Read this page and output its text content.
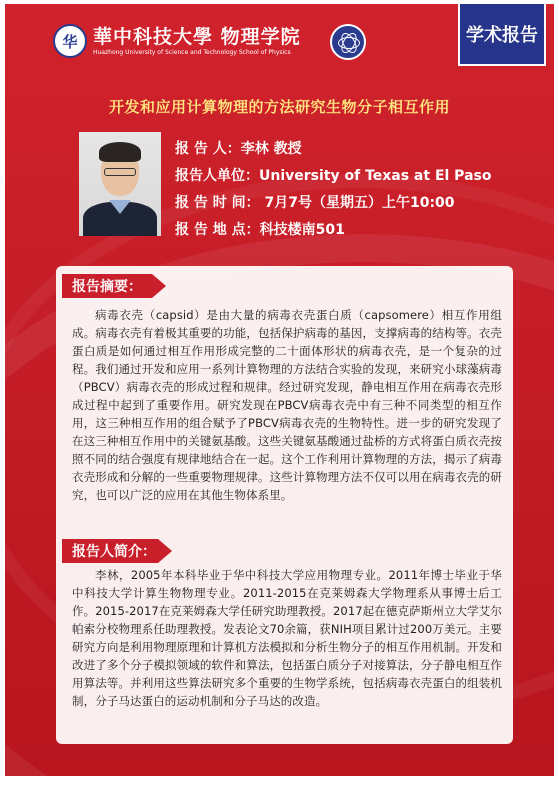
华 華中科技大學 物理学院
Huazhong University of Science and Technology School of Physics
学术报告
开发和应用计算物理的方法研究生物分子相互作用
报 告 人：李林 教授
报告人单位：University of Texas at El Paso
报 告 时 间： 7月7号（星期五）上午10:00
报 告 地 点：科技楼南501
报告摘要：

病毒衣壳（capsid）是由大量的病毒衣壳蛋白质（capsomere）相互作用组成。病毒衣壳有着极其重要的功能，包括保护病毒的基因，支撑病毒的结构等。衣壳蛋白质是如何通过相互作用形成完整的二十面体形状的病毒衣壳，是一个复杂的过程。我们通过开发和应用一系列计算物理的方法结合实验的发现，来研究小球藻病毒（PBCV）病毒衣壳的形成过程和规律。经过研究发现，静电相互作用在病毒衣壳形成过程中起到了重要作用。研究发现在PBCV病毒衣壳中有三种不同类型的相互作用，这三种相互作用的组合赋予了PBCV病毒衣壳的生物特性。进一步的研究发现了在这三种相互作用中的关键氨基酸。这些关键氨基酸通过盐桥的方式将蛋白质衣壳按照不同的结合强度有规律地结合在一起。这个工作利用计算物理的方法，揭示了病毒衣壳形成和分解的一些重要物理规律。这些计算物理方法不仅可以用在病毒衣壳的研究，也可以广泛的应用在其他生物体系里。

报告人简介：

李林，2005年本科毕业于华中科技大学应用物理专业。2011年博士毕业于华中科技大学计算生物物理专业。2011-2015在克莱姆森大学物理系从事博士后工作。2015-2017在克莱姆森大学任研究助理教授。2017起在德克萨斯州立大学艾尔帕索分校物理系任助理教授。发表论文70余篇，获NIH项目累计过200万美元。主要研究方向是利用物理原理和计算机方法模拟和分析生物分子的相互作用机制。开发和改进了多个分子模拟领域的软件和算法，包括蛋白质分子对接算法，分子静电相互作用算法等。并利用这些算法研究多个重要的生物学系统，包括病毒衣壳蛋白的组装机制，分子马达蛋白的运动机制和分子马达的改造。
